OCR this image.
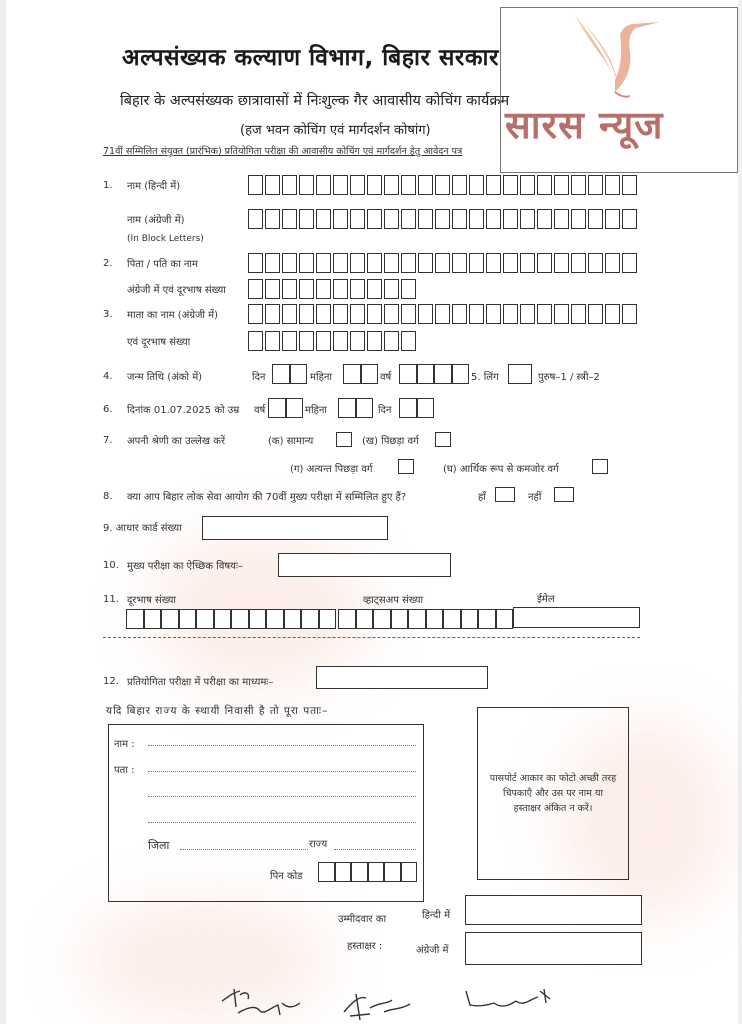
अल्पसंख्यक कल्याण विभाग, बिहार सरकार
बिहार के अल्पसंख्यक छात्रावासों में निःशुल्क गैर आवासीय कोचिंग कार्यक्रम
(हज भवन कोचिंग एवं मार्गदर्शन कोषांग)
71वीं सम्मिलित संयुक्त (प्रारंभिक) प्रतियोगिता परीक्षा की आवासीय कोचिंग एवं मार्गदर्शन हेतु आवेदन पत्र
सारस न्यूज
1. नाम (हिन्दी में)
नाम (अंग्रेजी में)
(In Block Letters)
2. पिता / पति का नाम
अंग्रेजी में एवं दूरभाष संख्या
3. माता का नाम (अंग्रेजी में)
एवं दूरभाष संख्या
4. जन्म तिथि (अंको में)	दिन	महिना	वर्ष	5. लिंग	पुरुष–1 / स्त्री–2
6. दिनांक 01.07.2025 को उम्र वर्ष	महिना	दिन
7. अपनी श्रेणी का उल्लेख करें	(क) सामान्य	(ख) पिछड़ा वर्ग
(ग) अत्यन्त पिछड़ा वर्ग	(घ) आर्थिक रूप से कमजोर वर्ग
8. क्या आप बिहार लोक सेवा आयोग की 70वीं मुख्य परीक्षा में सम्मिलित हुए हैं?	हाँ	नहीं
9. आधार कार्ड संख्या
10. मुख्य परीक्षा का ऐच्छिक विषयः–
11. दूरभाष संख्या	व्हाट्सअप संख्या	ईमेल
12. प्रतियोगिता परीक्षा में परीक्षा का माध्यमः–
यदि बिहार राज्य के स्थायी निवासी है तो पूरा पताः–
नाम :
पता :
जिला	राज्य
पिन कोड
पासपोर्ट आकार का फोटो अच्छी तरह चिपकाएँ और उस पर नाम या हस्ताक्षर अंकित न करें।
उम्मीदवार का
हस्ताक्षर :
हिन्दी में
अंग्रेजी में
